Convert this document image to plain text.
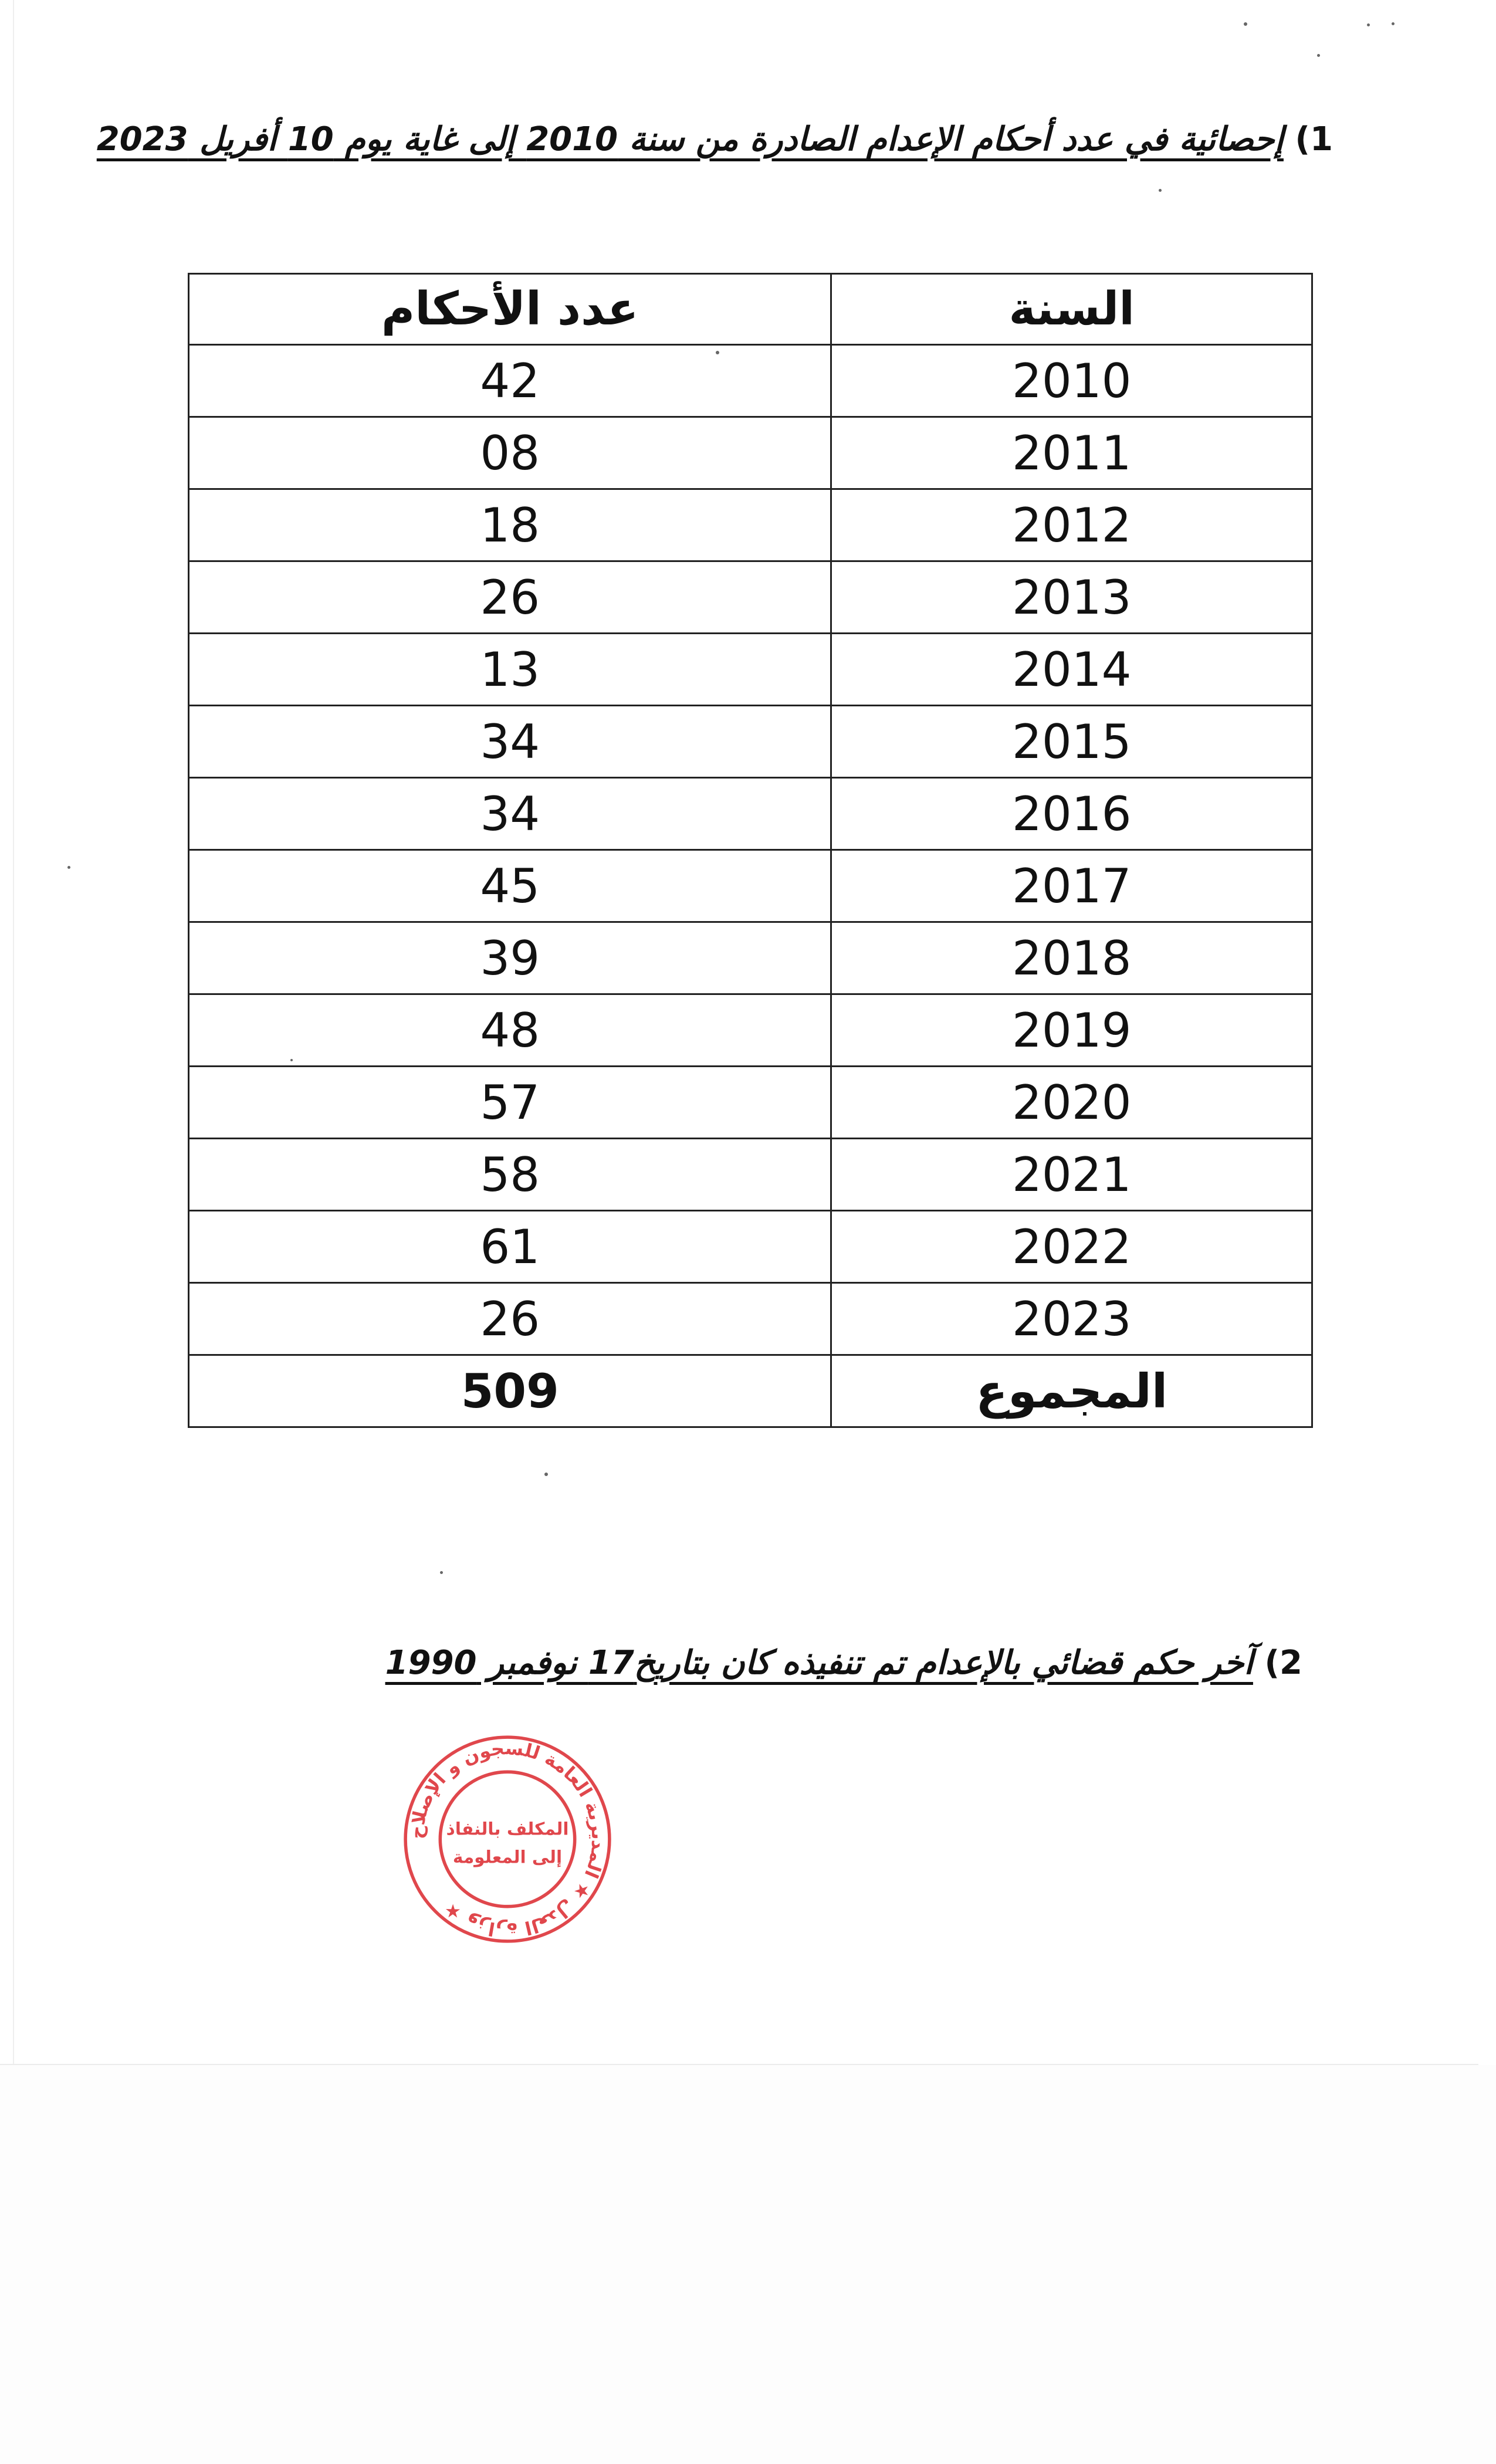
1) إحصائية في عدد أحكام الإعدام الصادرة من سنة 2010 إلى غاية يوم 10 أفريل 2023
السنة	عدد الأحكام
2010	42
2011	08
2012	18
2013	26
2014	13
2015	34
2016	34
2017	45
2018	39
2019	48
2020	57
2021	58
2022	61
2023	26
المجموع	509
2) آخر حكم قضائي بالإعدام تم تنفيذه كان بتاريخ17 نوفمبر 1990
وزارة العدل ★ المديرية العامة للسجون و الإصلاح ★
المكلف بالنفاذ
إلى المعلومة
